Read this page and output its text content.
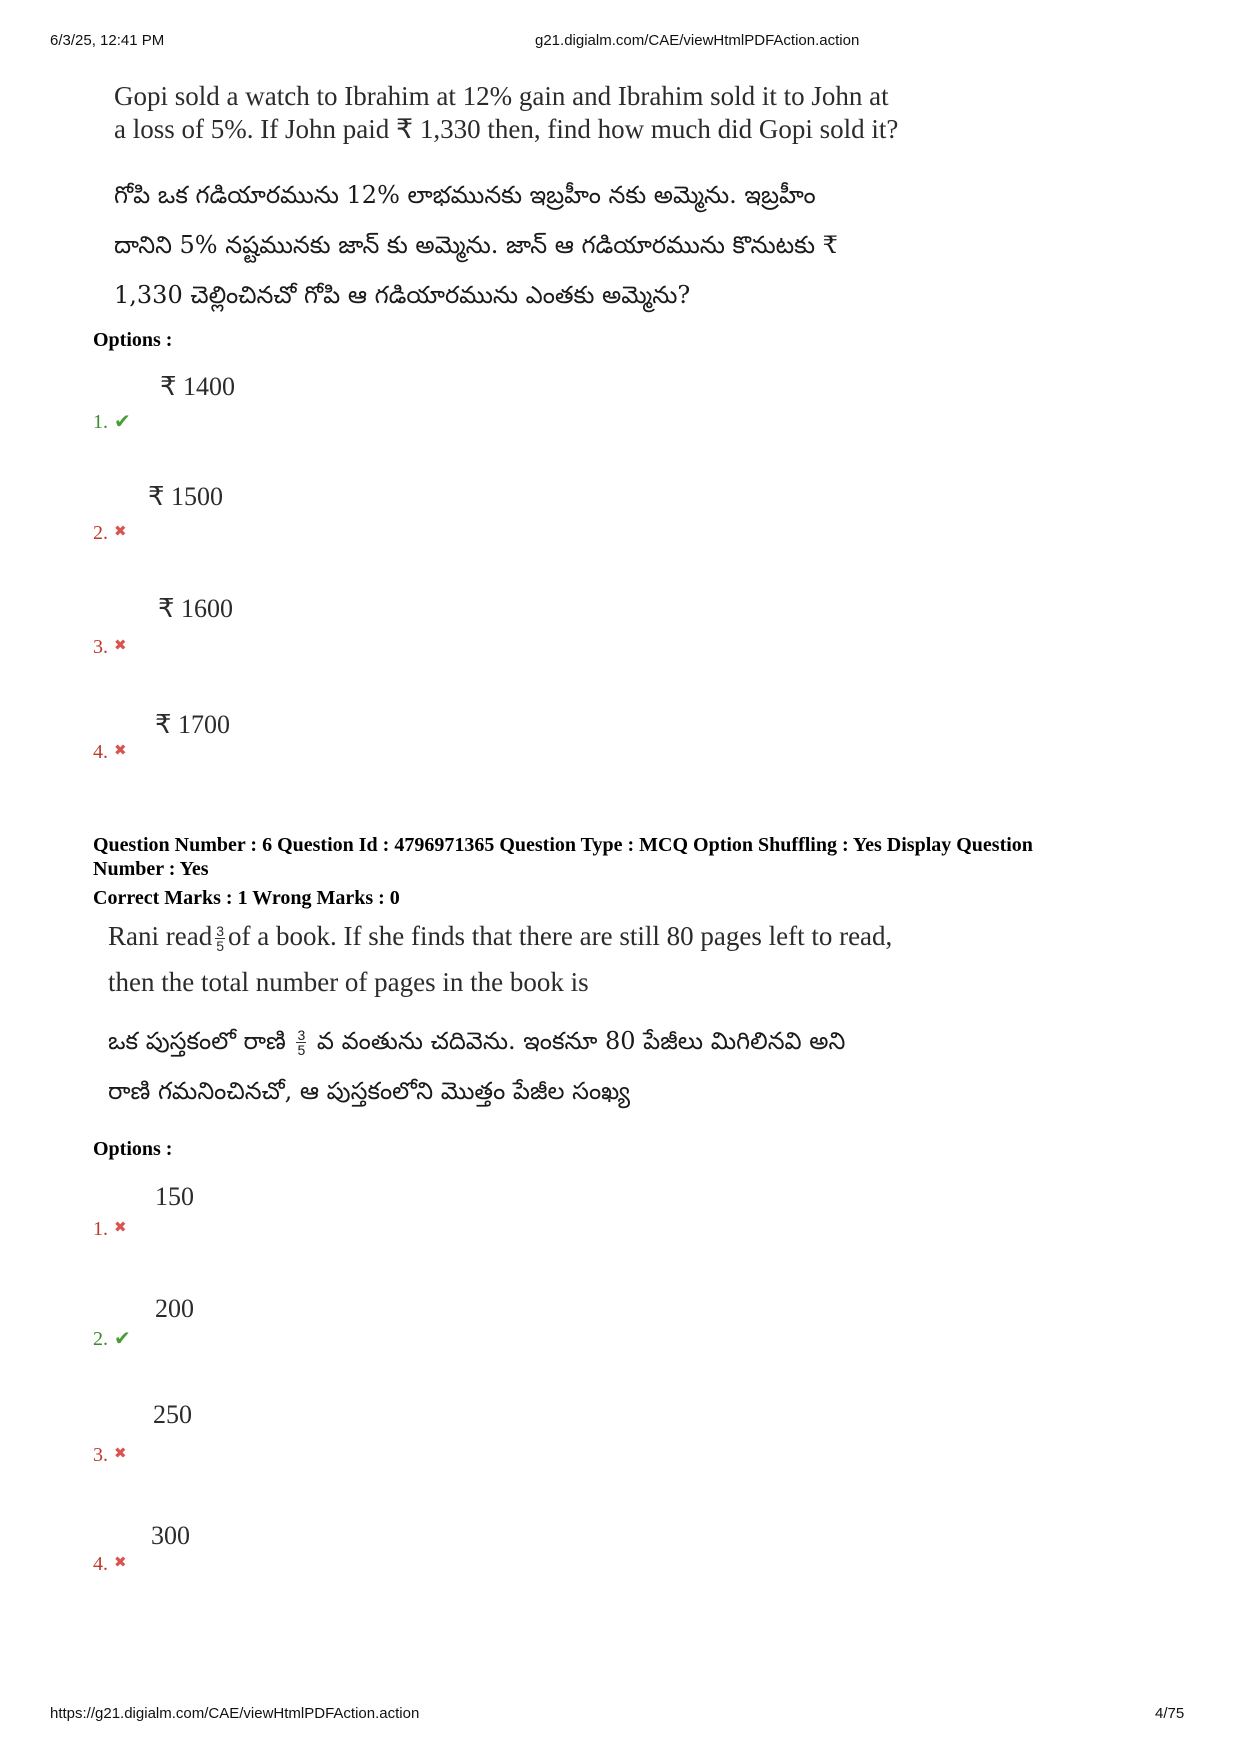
6/3/25, 12:41 PM	g21.digialm.com/CAE/viewHtmlPDFAction.action
Gopi sold a watch to Ibrahim at 12% gain and Ibrahim sold it to John at
a loss of 5%. If John paid ₹ 1,330 then, find how much did Gopi sold it?
గోపి ఒక గడియారమును 12% లాభమునకు ఇబ్రహీం నకు అమ్మెను. ఇబ్రహీం
దానిని 5% నష్టమునకు జాన్ కు అమ్మెను. జాన్ ఆ గడియారమును కొనుటకు ₹
1,330 చెల్లించినచో గోపి ఆ గడియారమును ఎంతకు అమ్మెను?
Options :
₹ 1400
1. ✔
₹ 1500
2. ✖
₹ 1600
3. ✖
₹ 1700
4. ✖
Question Number : 6 Question Id : 4796971365 Question Type : MCQ Option Shuffling : Yes Display Question
Number : Yes
Correct Marks : 1 Wrong Marks : 0
Rani read $\frac{3}{5}$ of a book. If she finds that there are still 80 pages left to read,
then the total number of pages in the book is
ఒక పుస్తకంలో రాణి $\frac{3}{5}$ వ వంతును చదివెను. ఇంకనూ 80 పేజీలు మిగిలినవి అని
రాణి గమనించినచో, ఆ పుస్తకంలోని మొత్తం పేజీల సంఖ్య
Options :
150
1. ✖
200
2. ✔
250
3. ✖
300
4. ✖
https://g21.digialm.com/CAE/viewHtmlPDFAction.action	4/75
